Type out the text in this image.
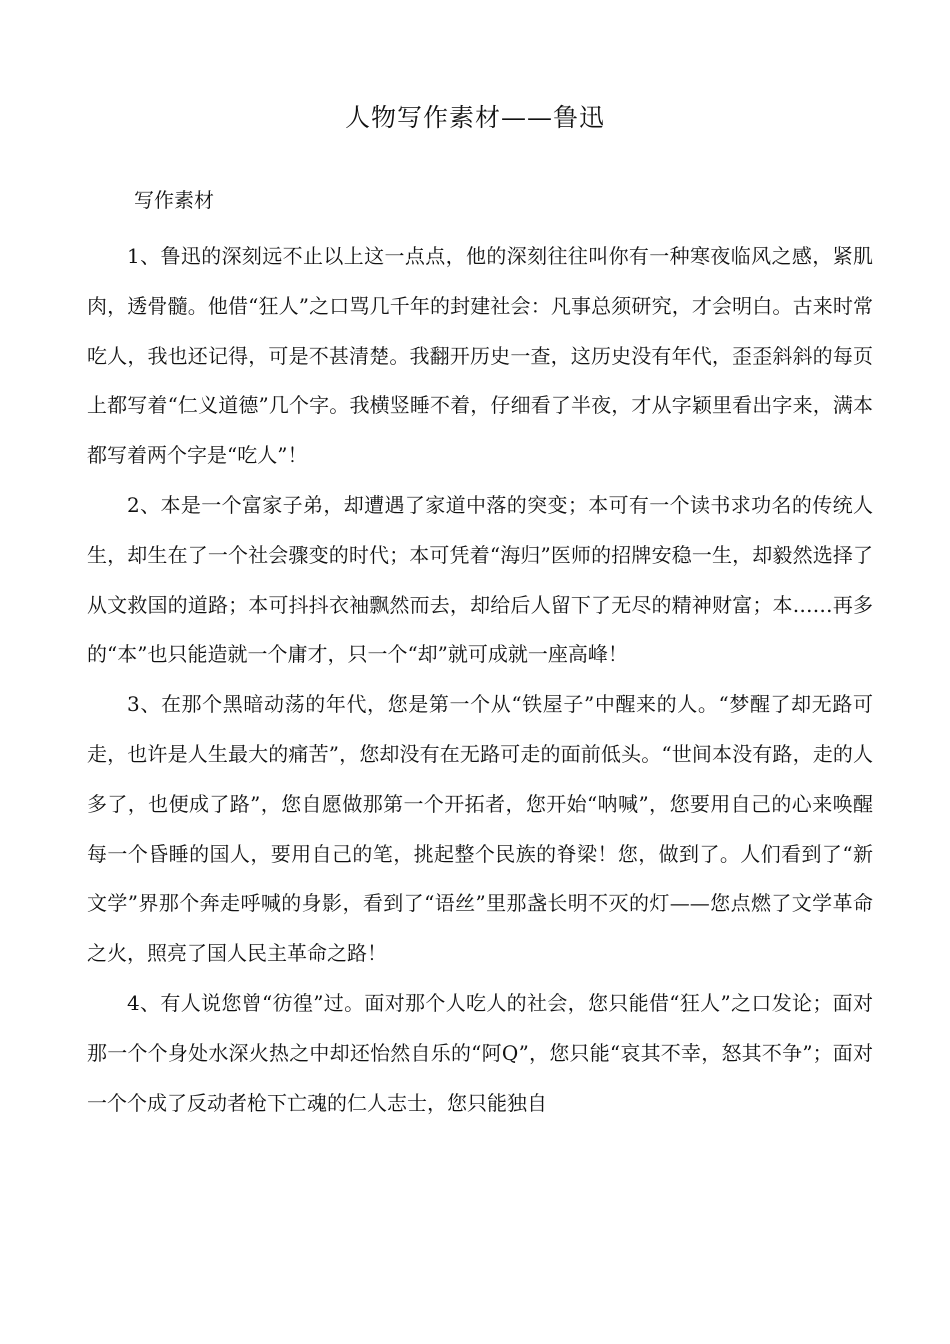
人物写作素材——鲁迅
写作素材

1、鲁迅的深刻远不止以上这一点点，他的深刻往往叫你有一种寒夜临风之感，紧肌肉，透骨髓。他借“狂人”之口骂几千年的封建社会：凡事总须研究，才会明白。古来时常吃人，我也还记得，可是不甚清楚。我翻开历史一查，这历史没有年代，歪歪斜斜的每页上都写着“仁义道德”几个字。我横竖睡不着，仔细看了半夜，才从字颖里看出字来，满本都写着两个字是“吃人”！

2、本是一个富家子弟，却遭遇了家道中落的突变；本可有一个读书求功名的传统人生，却生在了一个社会骤变的时代；本可凭着“海归”医师的招牌安稳一生，却毅然选择了从文救国的道路；本可抖抖衣袖飘然而去，却给后人留下了无尽的精神财富；本……再多的“本”也只能造就一个庸才，只一个“却”就可成就一座高峰！

3、在那个黑暗动荡的年代，您是第一个从“铁屋子”中醒来的人。“梦醒了却无路可走，也许是人生最大的痛苦”，您却没有在无路可走的面前低头。“世间本没有路，走的人多了，也便成了路”，您自愿做那第一个开拓者，您开始“呐喊”，您要用自己的心来唤醒每一个昏睡的国人，要用自己的笔，挑起整个民族的脊梁！您，做到了。人们看到了“新文学”界那个奔走呼喊的身影，看到了“语丝”里那盏长明不灭的灯——您点燃了文学革命之火，照亮了国人民主革命之路！

4、有人说您曾“彷徨”过。面对那个人吃人的社会，您只能借“狂人”之口发论；面对那一个个身处水深火热之中却还怡然自乐的“阿Q”，您只能“哀其不幸，怒其不争”；面对一个个成了反动者枪下亡魂的仁人志士，您只能独自
